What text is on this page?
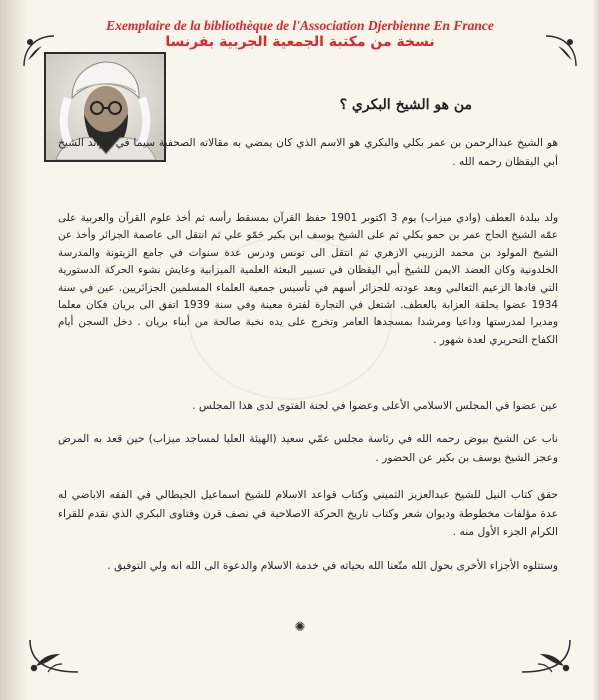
Exemplaire de la bibliothèque de l'Association Djerbienne En France
نسخة من مكتبة الجمعية الجربية بفرنسا
من هو الشيخ البكري ؟
هو الشيخ عبدالرحمن بن عمر بكلي والبكري هو الاسم الذي كان يمضي به مقالاته الصحفية سيما في جرائد الشيخ أبي اليقظان رحمه الله .
ولد ببلدة العطف (وادي ميزاب) يوم 3 اكتوبر 1901 حفظ القرآن بمسقط رأسه ثم أخذ علوم القرآن والعربية على عمّه الشيخ الحاج عمر بن حمو بكلي ثم على الشيخ يوسف ابن بكير حَمّو علي ثم انتقل الى عاصمة الجزائر وأخذ عن الشيخ المولود بن محمد الزريبي الازهري ثم انتقل الى تونس ودرس عدة سنوات في جامع الزيتونة والمدرسة الخلدونية وكان العضد الايمن للشيخ أبي اليقظان في تسيير البعثة العلمية الميزابية وعايش نشوء الحركة الدستورية التي قادها الزعيم الثعالبي وبعد عودته للجزائر أسهم في تأسيس جمعية العلماء المسلمين الجزائريين. عين في سنة 1934 عضوا بحلقة العزابة بالعطف. اشتغل في التجارة لفترة معينة وفي سنة 1939 اتفق الى بريان فكان معلما ومديرا لمدرستها وداعيا ومرشدا بمسجدها العامر وتخرج على يده نخبة صالحة من أبناء بريان . دخل السجن أيام الكفاح التحريري لعدة شهور .
عين عضوا في المجلس الاسلامي الأعلى وعضوا في لجنة الفتوى لدى هذا المجلس .
ناب عن الشيخ بيوض رحمه الله في رئاسة مجلس عمّي سعيد (الهيئة العليا لمساجد ميزاب) حين قعد به المرض وعجز الشيخ يوسف بن بكير عن الحضور .
حقق كتاب النيل للشيخ عبدالعزيز الثميني وكتاب قواعد الاسلام للشيخ اسماعيل الجيطالي في الفقه الاباضي له عدة مؤلفات مخطوطة وديوان شعر وكتاب تاريخ الحركة الاصلاحية في نصف قرن وفتاوى البكري الذي نقدم للقراء الكرام الجزء الأول منه .
وستتلوه الأجزاء الأخرى بحول الله متّعنا الله بحياته في خدمة الاسلام والدعوة الى الله انه ولي التوفيق .
✺
